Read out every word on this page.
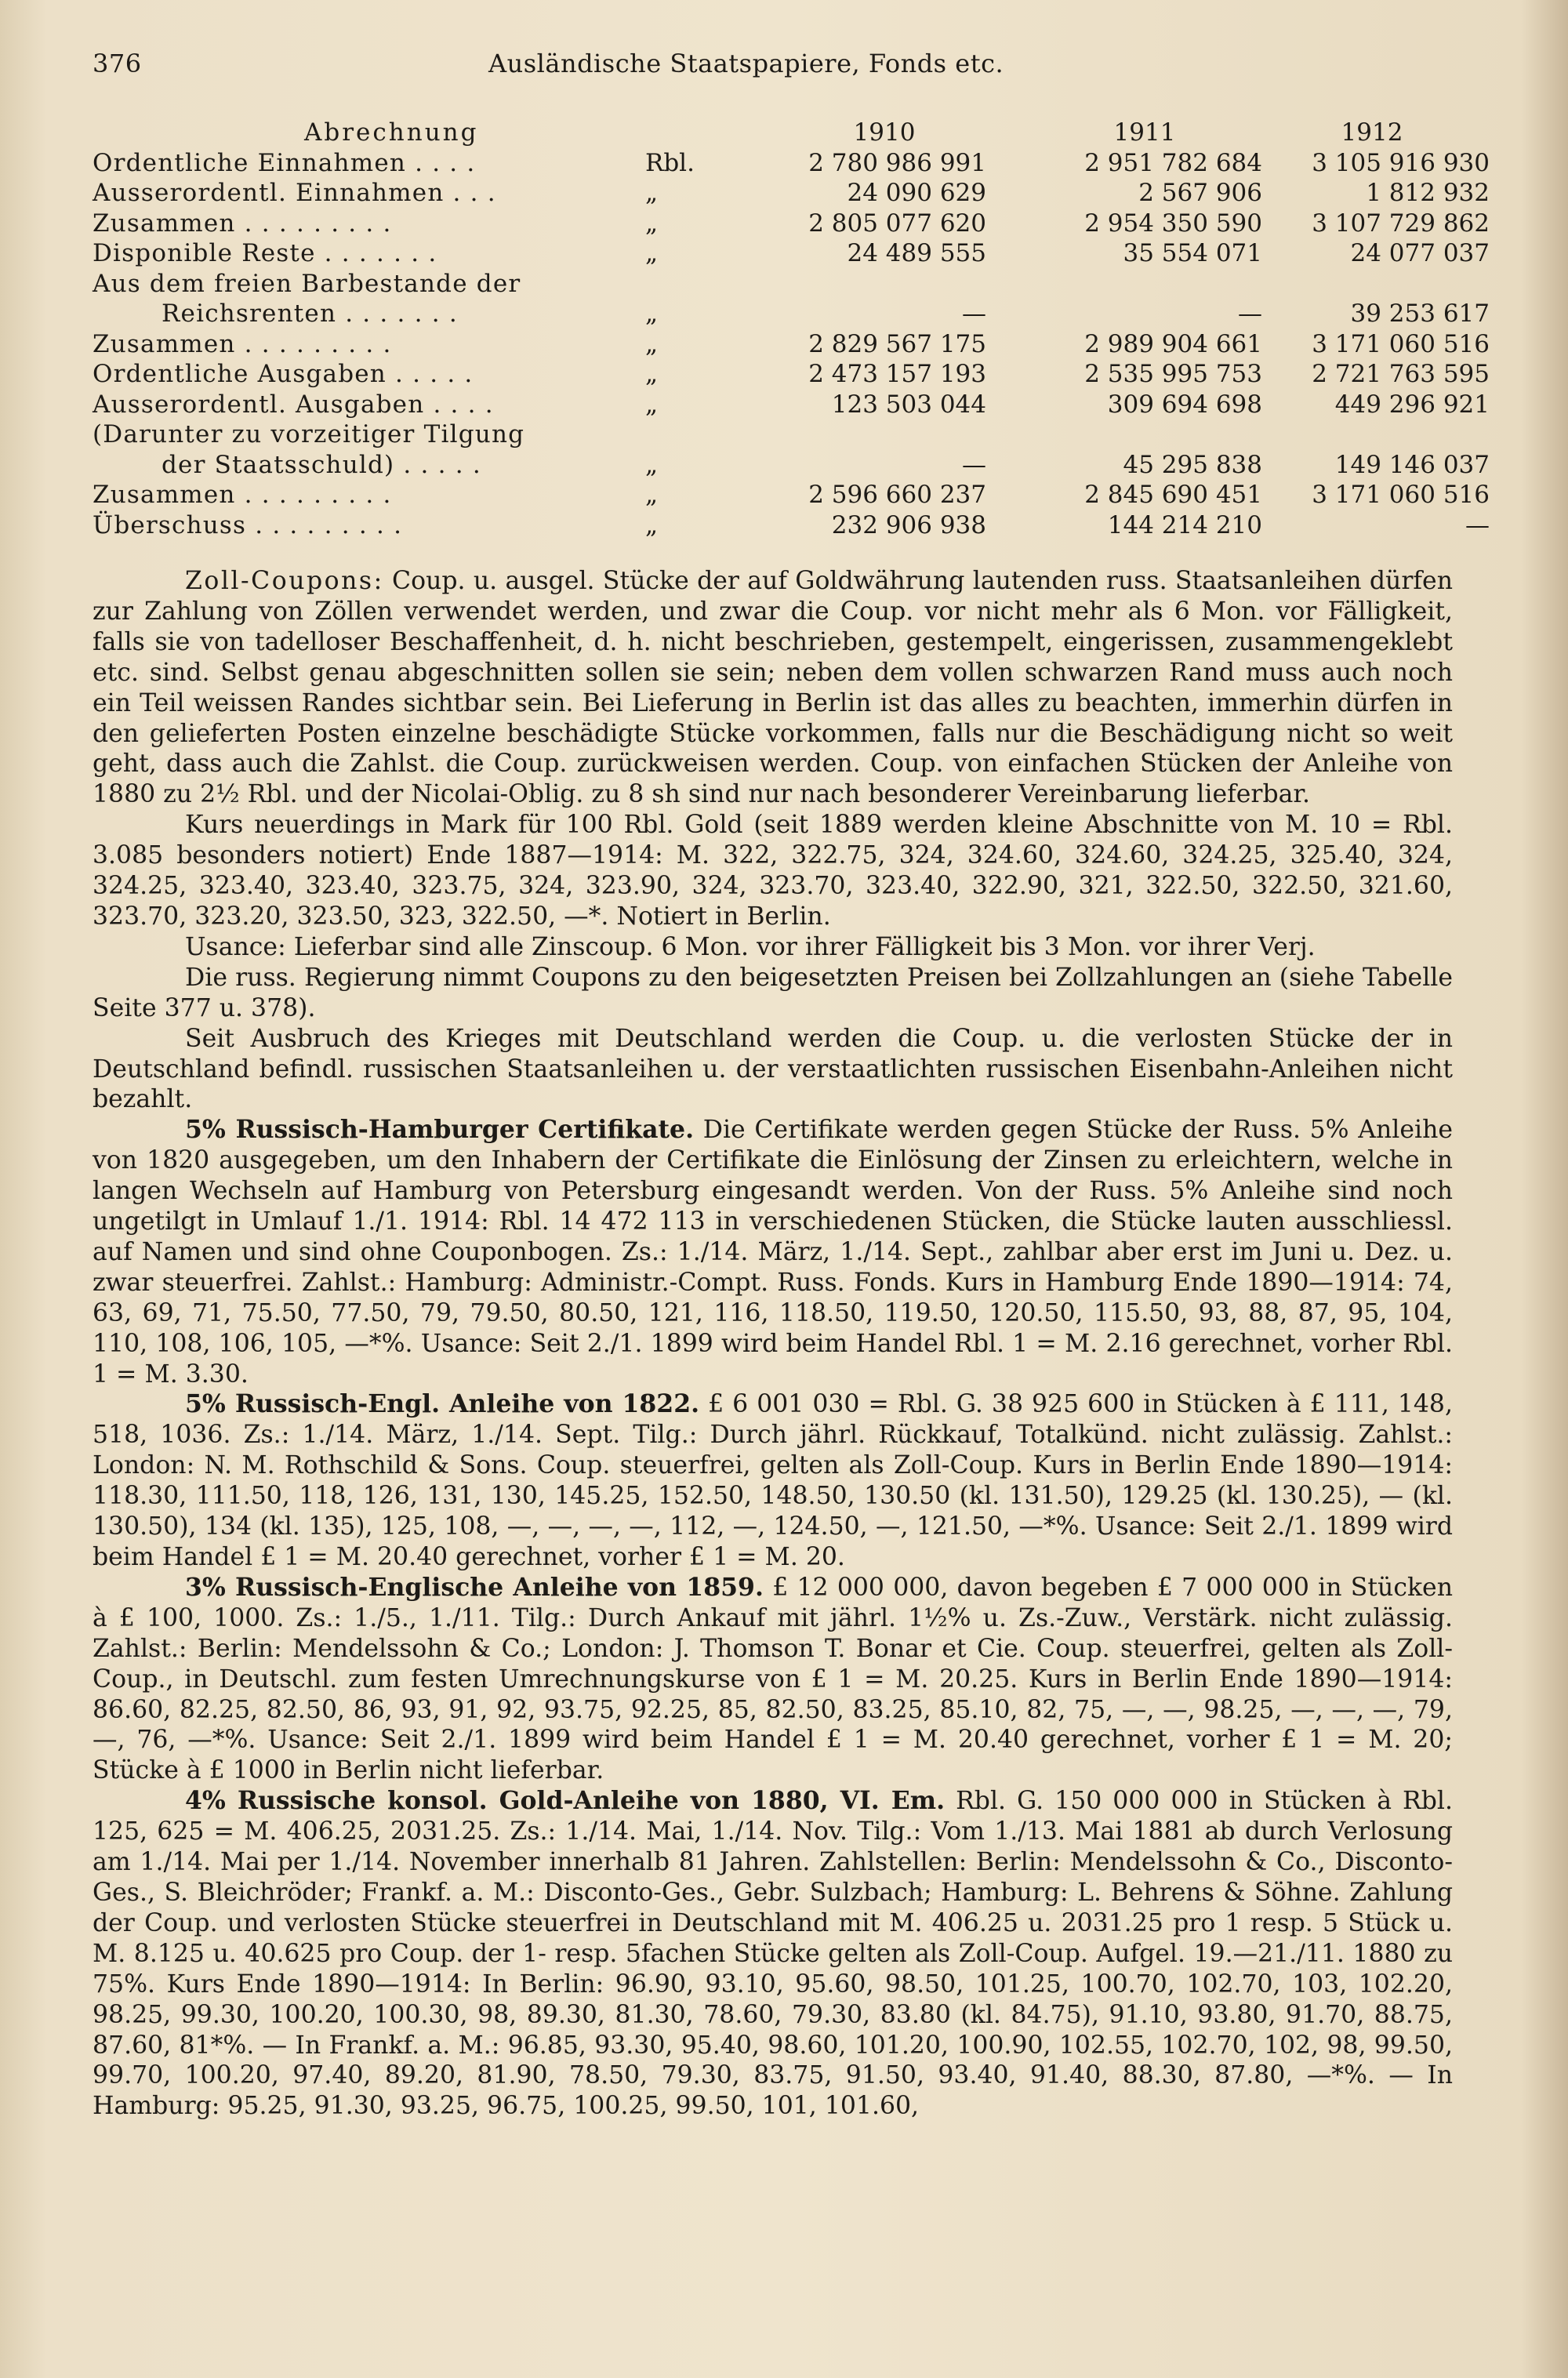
376	Ausländische Staatspapiere, Fonds etc.
Abrechnung	1910	1911	1912
Ordentliche Einnahmen . . . .	Rbl.	2 780 986 991	2 951 782 684	3 105 916 930
Ausserordentl. Einnahmen . . .	„	24 090 629	2 567 906	1 812 932
Zusammen . . . . . . . . .	„	2 805 077 620	2 954 350 590	3 107 729 862
Disponible Reste . . . . . . .	„	24 489 555	35 554 071	24 077 037
Aus dem freien Barbestande der
Reichsrenten . . . . . . .	„	—	—	39 253 617
Zusammen . . . . . . . . .	„	2 829 567 175	2 989 904 661	3 171 060 516
Ordentliche Ausgaben . . . . .	„	2 473 157 193	2 535 995 753	2 721 763 595
Ausserordentl. Ausgaben . . . .	„	123 503 044	309 694 698	449 296 921
(Darunter zu vorzeitiger Tilgung
der Staatsschuld) . . . . .	„	—	45 295 838	149 146 037
Zusammen . . . . . . . . .	„	2 596 660 237	2 845 690 451	3 171 060 516
Überschuss . . . . . . . . .	„	232 906 938	144 214 210	—

Zoll-Coupons: Coup. u. ausgel. Stücke der auf Goldwährung lautenden russ. Staatsanleihen dürfen zur Zahlung von Zöllen verwendet werden, und zwar die Coup. vor nicht mehr als 6 Mon. vor Fälligkeit, falls sie von tadelloser Beschaffenheit, d. h. nicht beschrieben, gestempelt, eingerissen, zusammengeklebt etc. sind. Selbst genau abgeschnitten sollen sie sein; neben dem vollen schwarzen Rand muss auch noch ein Teil weissen Randes sichtbar sein. Bei Lieferung in Berlin ist das alles zu beachten, immerhin dürfen in den gelieferten Posten einzelne beschädigte Stücke vorkommen, falls nur die Beschädigung nicht so weit geht, dass auch die Zahlst. die Coup. zurückweisen werden. Coup. von einfachen Stücken der Anleihe von 1880 zu 2½ Rbl. und der Nicolai-Oblig. zu 8 sh sind nur nach besonderer Vereinbarung lieferbar.

Kurs neuerdings in Mark für 100 Rbl. Gold (seit 1889 werden kleine Abschnitte von M. 10 = Rbl. 3.085 besonders notiert) Ende 1887—1914: M. 322, 322.75, 324, 324.60, 324.60, 324.25, 325.40, 324, 324.25, 323.40, 323.40, 323.75, 324, 323.90, 324, 323.70, 323.40, 322.90, 321, 322.50, 322.50, 321.60, 323.70, 323.20, 323.50, 323, 322.50, —*. Notiert in Berlin.

Usance: Lieferbar sind alle Zinscoup. 6 Mon. vor ihrer Fälligkeit bis 3 Mon. vor ihrer Verj.

Die russ. Regierung nimmt Coupons zu den beigesetzten Preisen bei Zollzahlungen an (siehe Tabelle Seite 377 u. 378).

Seit Ausbruch des Krieges mit Deutschland werden die Coup. u. die verlosten Stücke der in Deutschland befindl. russischen Staatsanleihen u. der verstaatlichten russischen Eisenbahn-Anleihen nicht bezahlt.

5% Russisch-Hamburger Certifikate. Die Certifikate werden gegen Stücke der Russ. 5% Anleihe von 1820 ausgegeben, um den Inhabern der Certifikate die Einlösung der Zinsen zu erleichtern, welche in langen Wechseln auf Hamburg von Petersburg eingesandt werden. Von der Russ. 5% Anleihe sind noch ungetilgt in Umlauf 1./1. 1914: Rbl. 14 472 113 in verschiedenen Stücken, die Stücke lauten ausschliessl. auf Namen und sind ohne Couponbogen. Zs.: 1./14. März, 1./14. Sept., zahlbar aber erst im Juni u. Dez. u. zwar steuerfrei. Zahlst.: Hamburg: Administr.-Compt. Russ. Fonds. Kurs in Hamburg Ende 1890—1914: 74, 63, 69, 71, 75.50, 77.50, 79, 79.50, 80.50, 121, 116, 118.50, 119.50, 120.50, 115.50, 93, 88, 87, 95, 104, 110, 108, 106, 105, —*%. Usance: Seit 2./1. 1899 wird beim Handel Rbl. 1 = M. 2.16 gerechnet, vorher Rbl. 1 = M. 3.30.

5% Russisch-Engl. Anleihe von 1822. £ 6 001 030 = Rbl. G. 38 925 600 in Stücken à £ 111, 148, 518, 1036. Zs.: 1./14. März, 1./14. Sept. Tilg.: Durch jährl. Rückkauf, Totalkünd. nicht zulässig. Zahlst.: London: N. M. Rothschild & Sons. Coup. steuerfrei, gelten als Zoll-Coup. Kurs in Berlin Ende 1890—1914: 118.30, 111.50, 118, 126, 131, 130, 145.25, 152.50, 148.50, 130.50 (kl. 131.50), 129.25 (kl. 130.25), — (kl. 130.50), 134 (kl. 135), 125, 108, —, —, —, —, 112, —, 124.50, —, 121.50, —*%. Usance: Seit 2./1. 1899 wird beim Handel £ 1 = M. 20.40 gerechnet, vorher £ 1 = M. 20.

3% Russisch-Englische Anleihe von 1859. £ 12 000 000, davon begeben £ 7 000 000 in Stücken à £ 100, 1000. Zs.: 1./5., 1./11. Tilg.: Durch Ankauf mit jährl. 1½% u. Zs.-Zuw., Verstärk. nicht zulässig. Zahlst.: Berlin: Mendelssohn & Co.; London: J. Thomson T. Bonar et Cie. Coup. steuerfrei, gelten als Zoll-Coup., in Deutschl. zum festen Umrechnungskurse von £ 1 = M. 20.25. Kurs in Berlin Ende 1890—1914: 86.60, 82.25, 82.50, 86, 93, 91, 92, 93.75, 92.25, 85, 82.50, 83.25, 85.10, 82, 75, —, —, 98.25, —, —, —, 79, —, 76, —*%. Usance: Seit 2./1. 1899 wird beim Handel £ 1 = M. 20.40 gerechnet, vorher £ 1 = M. 20; Stücke à £ 1000 in Berlin nicht lieferbar.

4% Russische konsol. Gold-Anleihe von 1880, VI. Em. Rbl. G. 150 000 000 in Stücken à Rbl. 125, 625 = M. 406.25, 2031.25. Zs.: 1./14. Mai, 1./14. Nov. Tilg.: Vom 1./13. Mai 1881 ab durch Verlosung am 1./14. Mai per 1./14. November innerhalb 81 Jahren. Zahlstellen: Berlin: Mendelssohn & Co., Disconto-Ges., S. Bleichröder; Frankf. a. M.: Disconto-Ges., Gebr. Sulzbach; Hamburg: L. Behrens & Söhne. Zahlung der Coup. und verlosten Stücke steuerfrei in Deutschland mit M. 406.25 u. 2031.25 pro 1 resp. 5 Stück u. M. 8.125 u. 40.625 pro Coup. der 1- resp. 5fachen Stücke gelten als Zoll-Coup. Aufgel. 19.—21./11. 1880 zu 75%. Kurs Ende 1890—1914: In Berlin: 96.90, 93.10, 95.60, 98.50, 101.25, 100.70, 102.70, 103, 102.20, 98.25, 99.30, 100.20, 100.30, 98, 89.30, 81.30, 78.60, 79.30, 83.80 (kl. 84.75), 91.10, 93.80, 91.70, 88.75, 87.60, 81*%. — In Frankf. a. M.: 96.85, 93.30, 95.40, 98.60, 101.20, 100.90, 102.55, 102.70, 102, 98, 99.50, 99.70, 100.20, 97.40, 89.20, 81.90, 78.50, 79.30, 83.75, 91.50, 93.40, 91.40, 88.30, 87.80, —*%. — In Hamburg: 95.25, 91.30, 93.25, 96.75, 100.25, 99.50, 101, 101.60,
